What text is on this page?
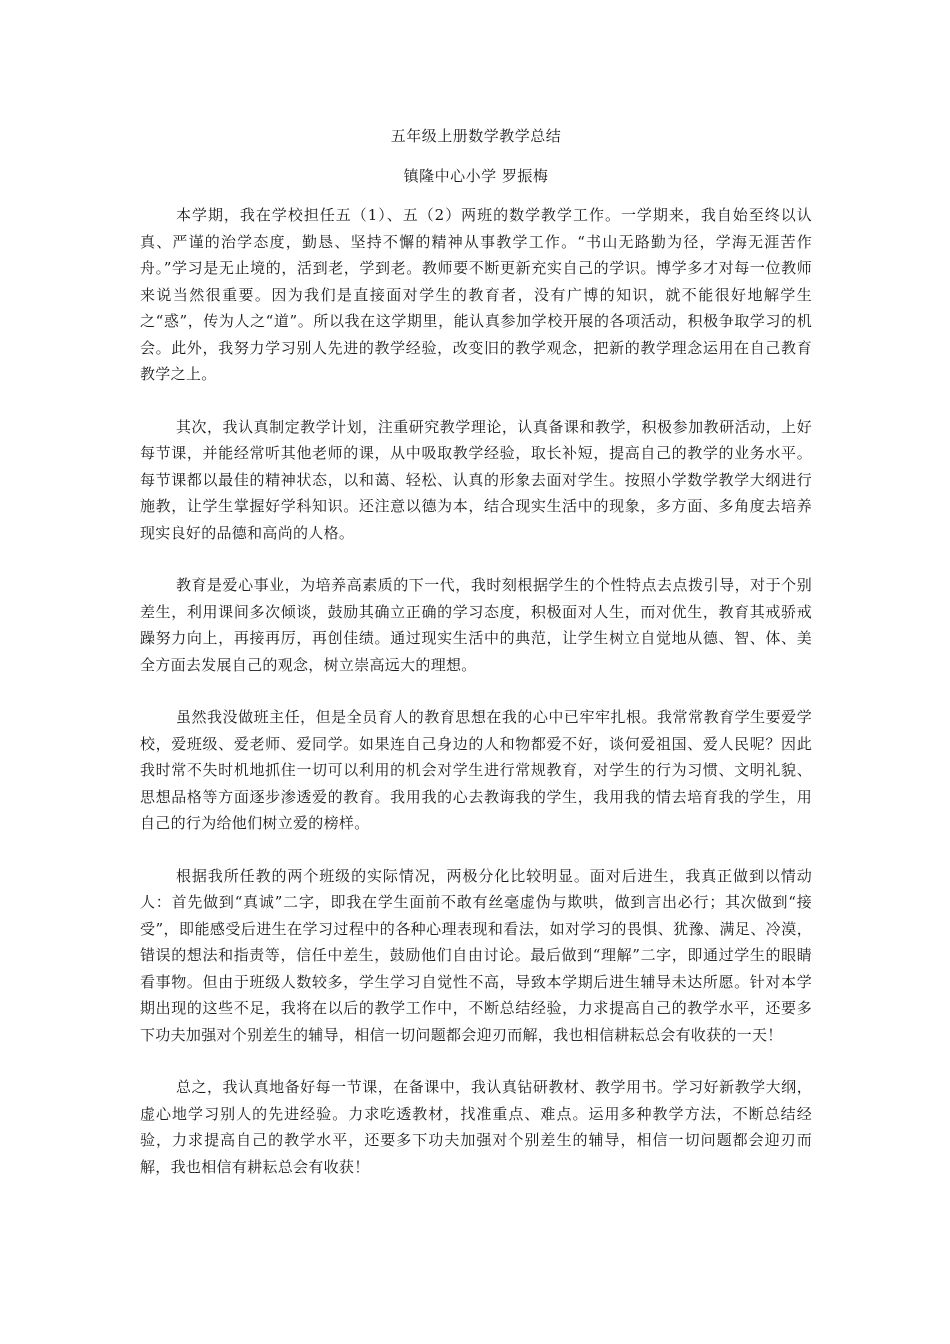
五年级上册数学教学总结
镇隆中心小学 罗振梅

本学期，我在学校担任五（1）、五（2）两班的数学教学工作。一学期来，我自始至终以认真、严谨的治学态度，勤恳、坚持不懈的精神从事教学工作。“书山无路勤为径，学海无涯苦作舟。”学习是无止境的，活到老，学到老。教师要不断更新充实自己的学识。博学多才对每一位教师来说当然很重要。因为我们是直接面对学生的教育者，没有广博的知识，就不能很好地解学生之“惑”，传为人之“道”。所以我在这学期里，能认真参加学校开展的各项活动，积极争取学习的机会。此外，我努力学习别人先进的教学经验，改变旧的教学观念，把新的教学理念运用在自己教育教学之上。

其次，我认真制定教学计划，注重研究教学理论，认真备课和教学，积极参加教研活动，上好每节课，并能经常听其他老师的课，从中吸取教学经验，取长补短，提高自己的教学的业务水平。每节课都以最佳的精神状态，以和蔼、轻松、认真的形象去面对学生。按照小学数学教学大纲进行施教，让学生掌握好学科知识。还注意以德为本，结合现实生活中的现象，多方面、多角度去培养现实良好的品德和高尚的人格。

教育是爱心事业，为培养高素质的下一代，我时刻根据学生的个性特点去点拨引导，对于个别差生，利用课间多次倾谈，鼓励其确立正确的学习态度，积极面对人生，而对优生，教育其戒骄戒躁努力向上，再接再厉，再创佳绩。通过现实生活中的典范，让学生树立自觉地从德、智、体、美全方面去发展自己的观念，树立崇高远大的理想。

虽然我没做班主任，但是全员育人的教育思想在我的心中已牢牢扎根。我常常教育学生要爱学校，爱班级、爱老师、爱同学。如果连自己身边的人和物都爱不好，谈何爱祖国、爱人民呢？因此我时常不失时机地抓住一切可以利用的机会对学生进行常规教育，对学生的行为习惯、文明礼貌、思想品格等方面逐步渗透爱的教育。我用我的心去教诲我的学生，我用我的情去培育我的学生，用自己的行为给他们树立爱的榜样。

根据我所任教的两个班级的实际情况，两极分化比较明显。面对后进生，我真正做到以情动人：首先做到“真诚”二字，即我在学生面前不敢有丝毫虚伪与欺哄，做到言出必行；其次做到“接受”，即能感受后进生在学习过程中的各种心理表现和看法，如对学习的畏惧、犹豫、满足、冷漠，错误的想法和指责等，信任中差生，鼓励他们自由讨论。最后做到“理解”二字，即通过学生的眼睛看事物。但由于班级人数较多，学生学习自觉性不高，导致本学期后进生辅导未达所愿。针对本学期出现的这些不足，我将在以后的教学工作中，不断总结经验，力求提高自己的教学水平，还要多下功夫加强对个别差生的辅导，相信一切问题都会迎刃而解，我也相信耕耘总会有收获的一天！

总之，我认真地备好每一节课，在备课中，我认真钻研教材、教学用书。学习好新教学大纲，虚心地学习别人的先进经验。力求吃透教材，找准重点、难点。运用多种教学方法，不断总结经验，力求提高自己的教学水平，还要多下功夫加强对个别差生的辅导，相信一切问题都会迎刃而解，我也相信有耕耘总会有收获！
